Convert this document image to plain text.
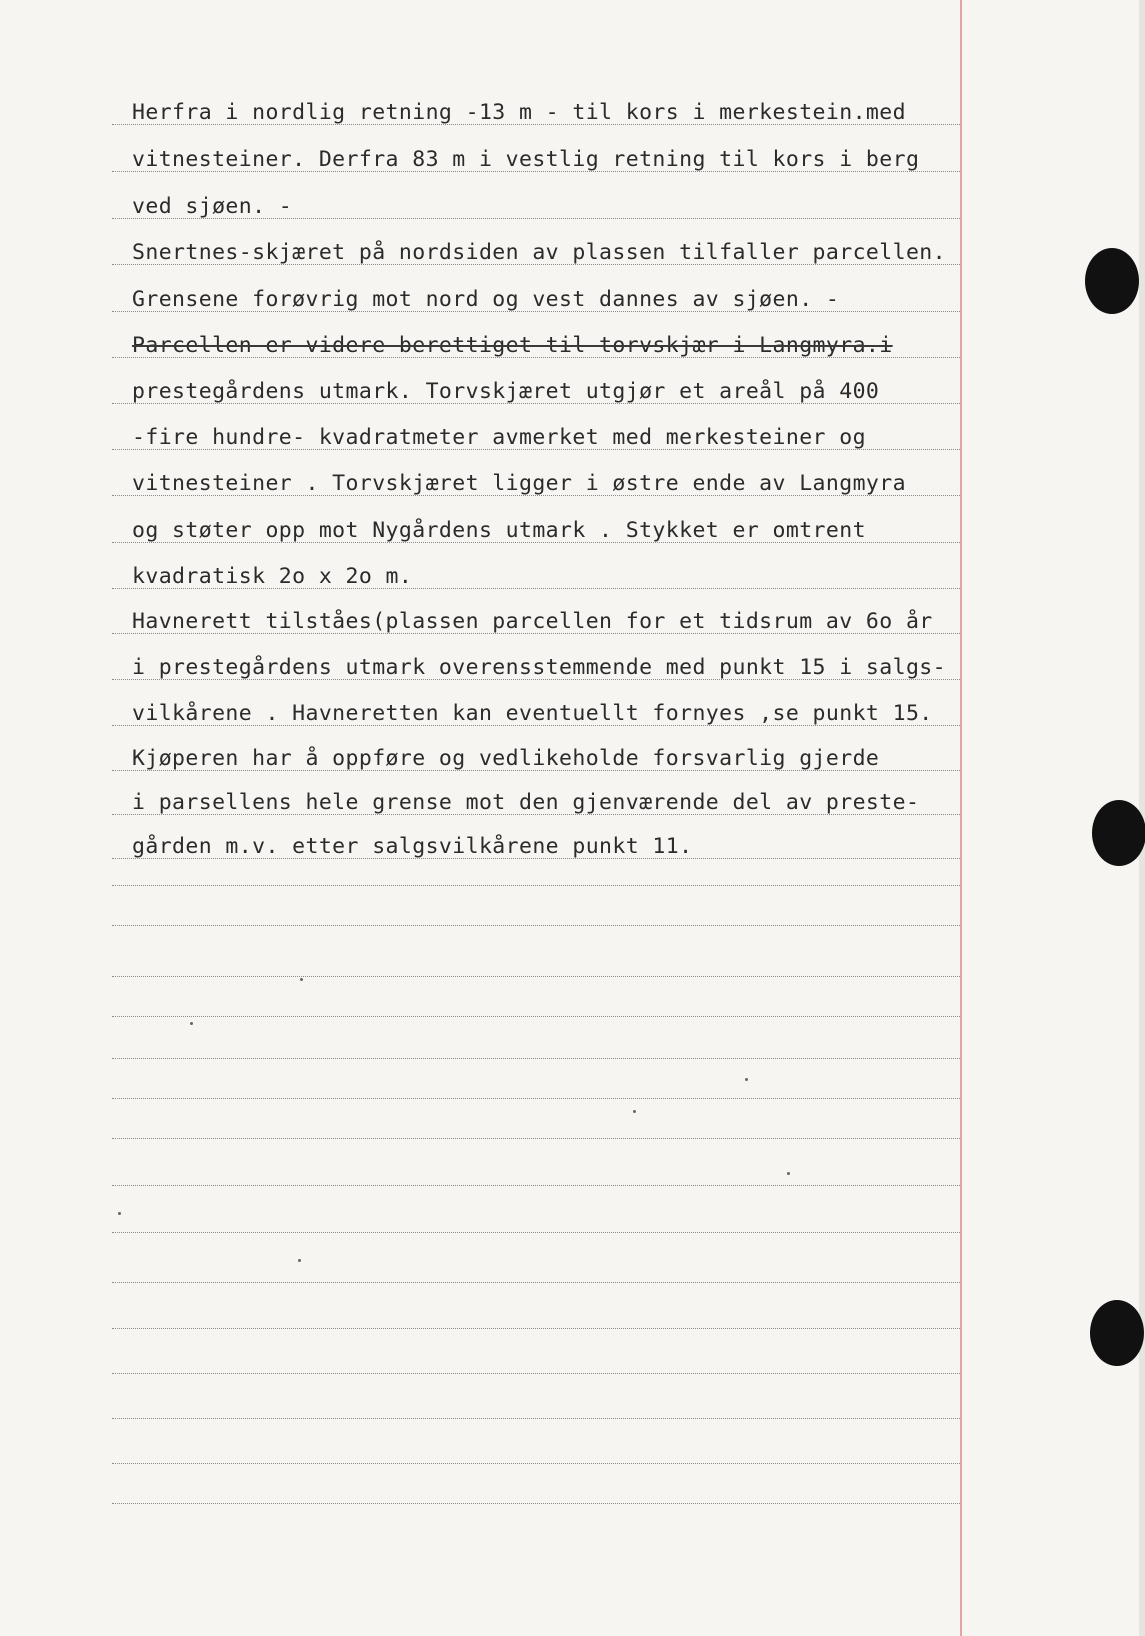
Herfra i nordlig retning -13 m - til kors i merkestein.med
vitnesteiner. Derfra 83 m i vestlig retning til kors i berg
ved sjøen. -
Snertnes-skjæret på nordsiden av plassen tilfaller parcellen.
Grensene forøvrig mot nord og vest dannes av sjøen. -
Parcellen er videre berettiget til torvskjær i Langmyra.i
prestegårdens utmark. Torvskjæret utgjør et areål på 400
-fire hundre- kvadratmeter avmerket med merkesteiner og
vitnesteiner . Torvskjæret ligger i østre ende av Langmyra
og støter opp mot Nygårdens utmark . Stykket er omtrent
kvadratisk 2o x 2o m.
Havnerett tilståes(plassen parcellen for et tidsrum av 6o år
i prestegårdens utmark overensstemmende med punkt 15 i salgs-
vilkårene . Havneretten kan eventuellt fornyes ,se punkt 15.
Kjøperen har å oppføre og vedlikeholde forsvarlig gjerde
i parsellens hele grense mot den gjenværende del av preste-
gården m.v. etter salgsvilkårene punkt 11.
